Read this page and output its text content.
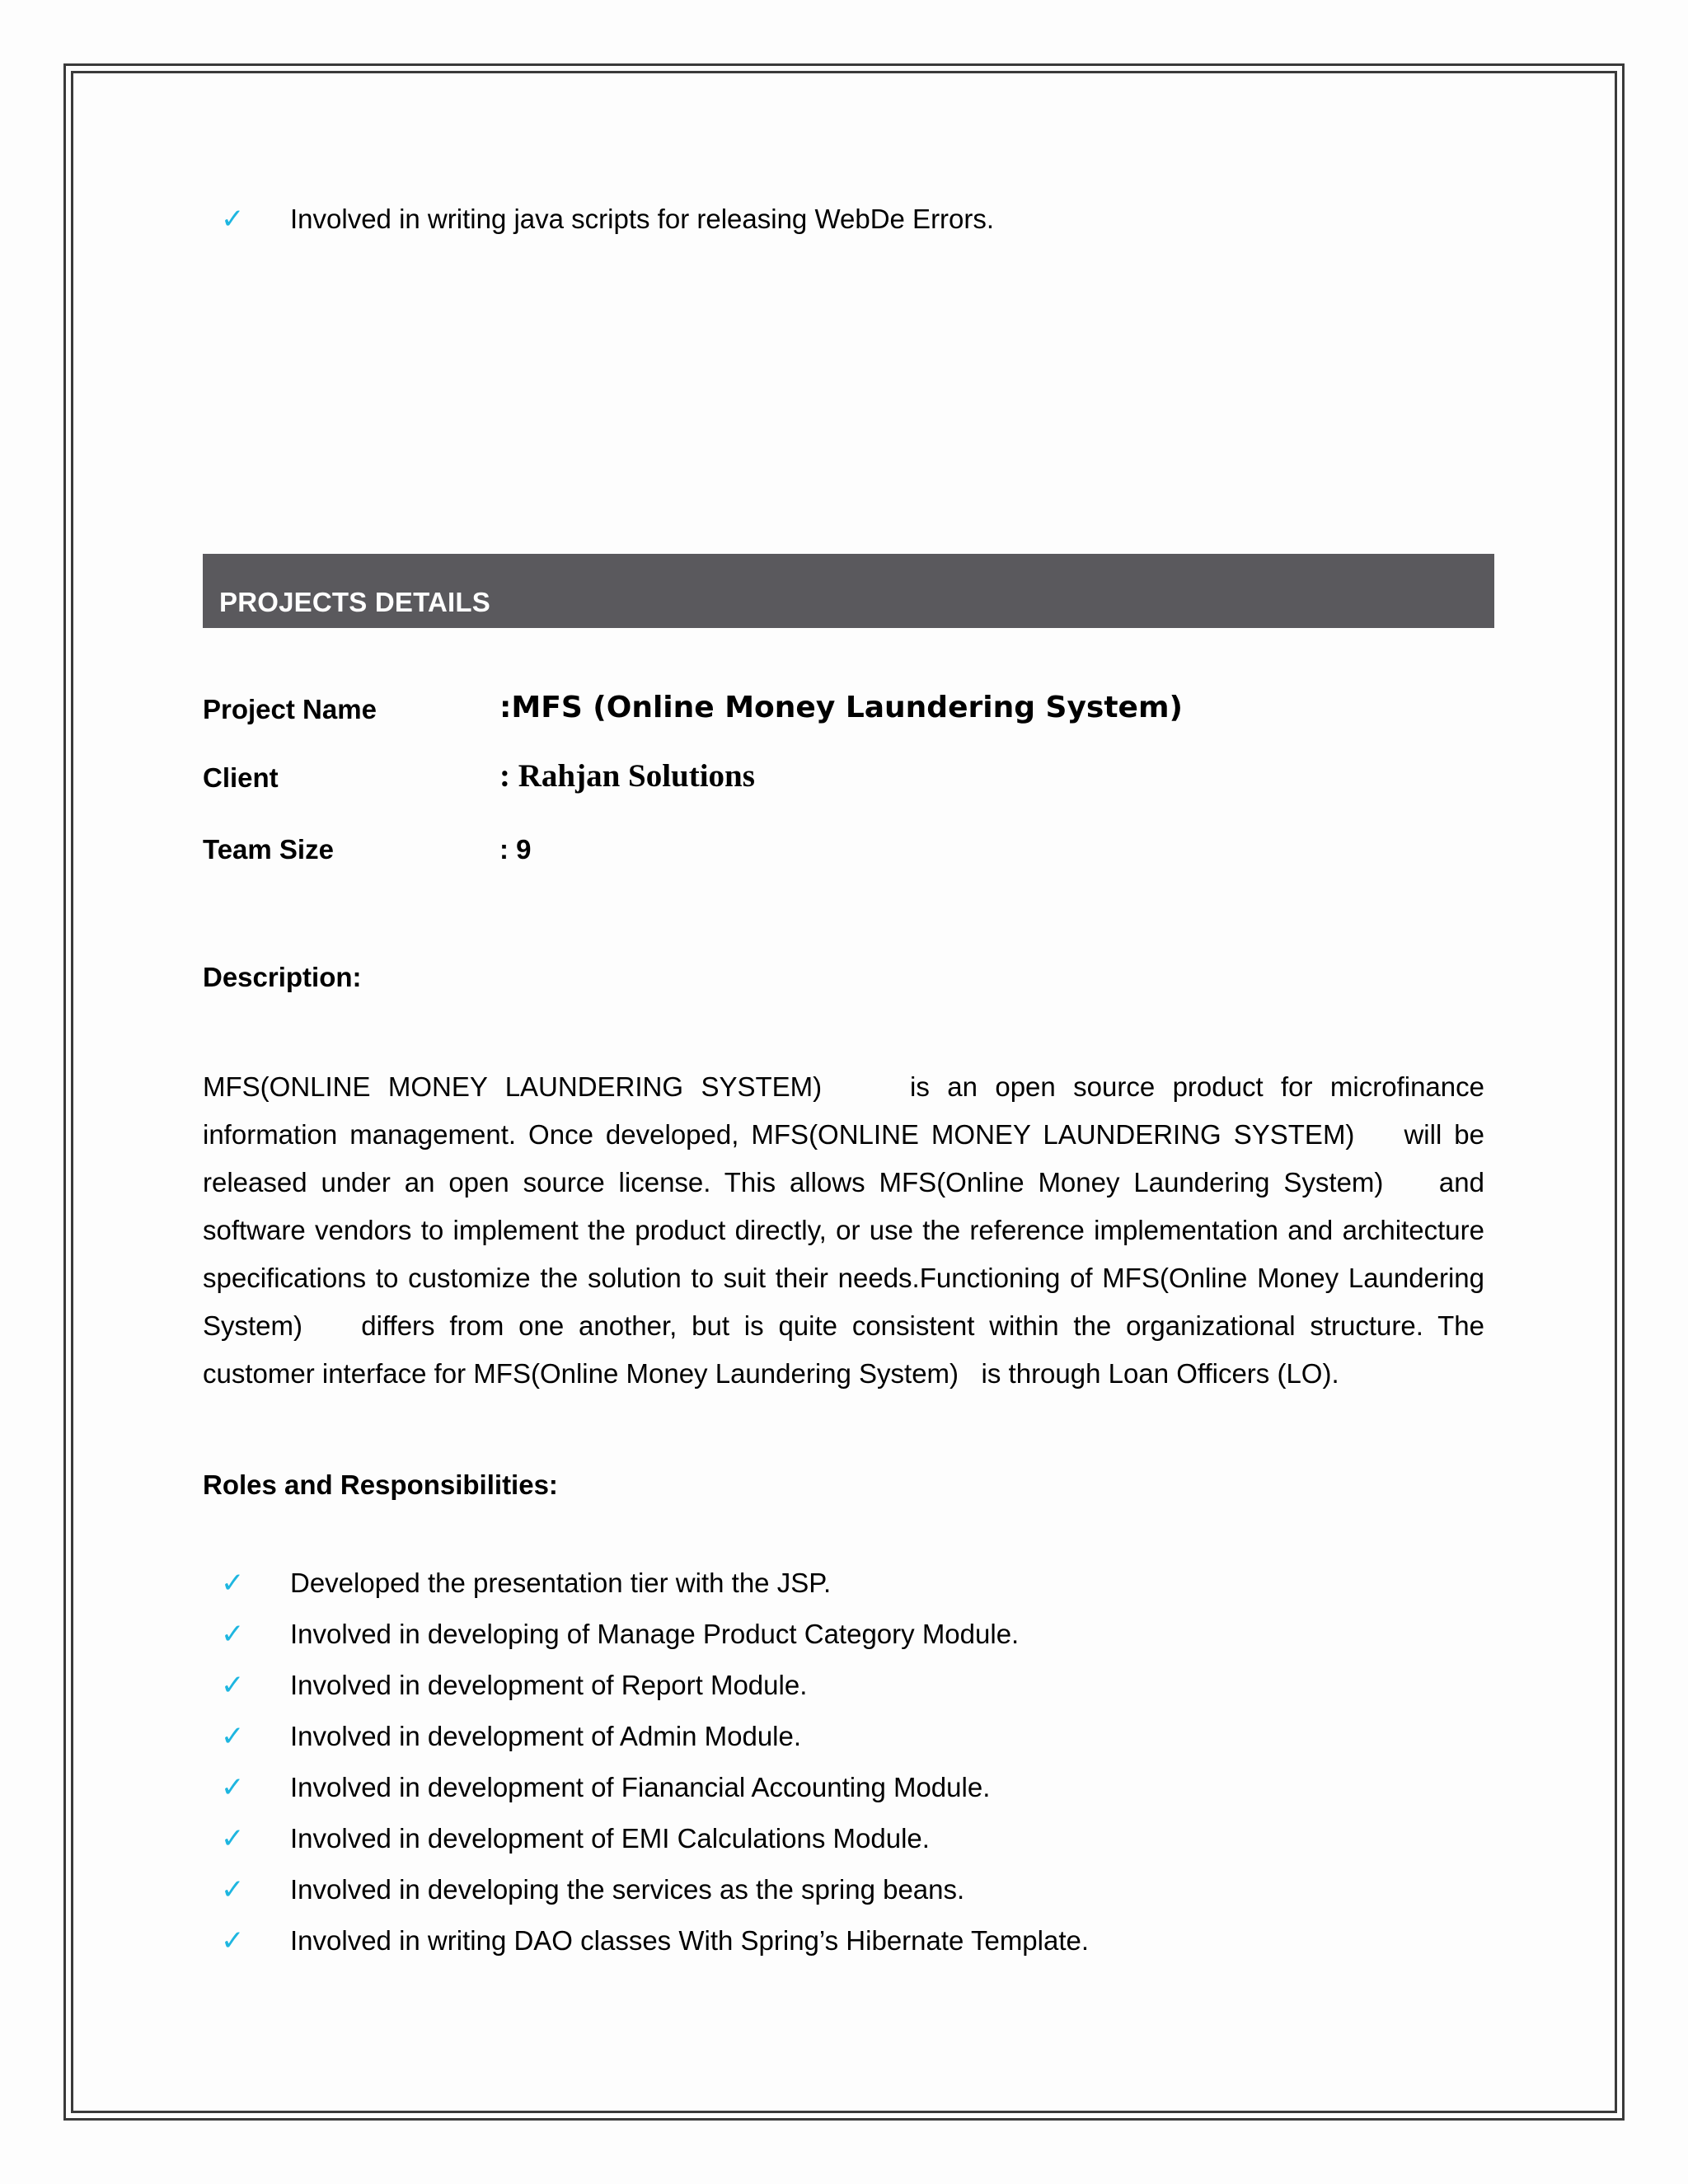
✓	Involved in writing java scripts for releasing WebDe Errors.
PROJECTS DETAILS
Project Name	:MFS (Online Money Laundering System)
Client	: Rahjan Solutions
Team Size	: 9
Description:
MFS(ONLINE MONEY LAUNDERING SYSTEM)     is an open source product for microfinance
information management. Once developed, MFS(ONLINE MONEY LAUNDERING SYSTEM)    will be
released under an open source license. This allows MFS(Online Money Laundering System)    and
software vendors to implement the product directly, or use the reference implementation and architecture
specifications to customize the solution to suit their needs.Functioning of MFS(Online Money Laundering
System)    differs from one another, but is quite consistent within the organizational structure. The
customer interface for MFS(Online Money Laundering System)   is through Loan Officers (LO).
Roles and Responsibilities:
✓	Developed the presentation tier with the JSP.
✓	Involved in developing of Manage Product Category Module.
✓	Involved in development of Report Module.
✓	Involved in development of Admin Module.
✓	Involved in development of Fianancial Accounting Module.
✓	Involved in development of EMI Calculations Module.
✓	Involved in developing the services as the spring beans.
✓	Involved in writing DAO classes With Spring’s Hibernate Template.
